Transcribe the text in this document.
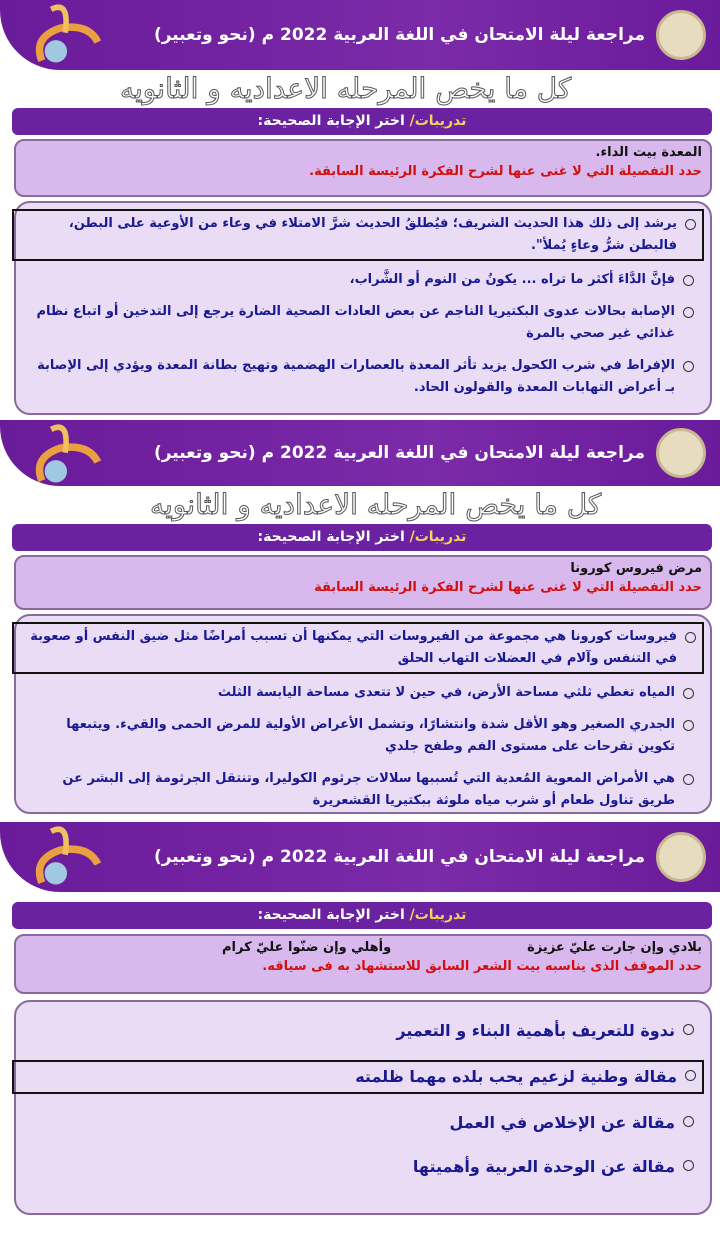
مراجعة ليلة الامتحان في اللغة العربية 2022 م (نحو وتعبير)
كل ما يخص المرحله الاعداديه و الثانويه
تدريبات/ اختر الإجابة الصحيحة:
المعدة بيت الداء.
حدد التفصيلة التي لا غنى عنها لشرح الفكرة الرئيسة السابقة.
يرشد إلى ذلك هذا الحديث الشريف؛ فيُطلقُ الحديث شرَّ الامتلاء في وعاء من الأوعية على البطن، فالبطن شرُّ وعاءٍ يُملأ".
فإنَّ الدَّاءَ أكثر ما تراه ... يكونُ من النوم أو الشَّراب،
الإصابة بحالات عدوى البكتيريا الناجم عن بعض العادات الصحية الضارة يرجع إلى التدخين أو اتباع نظام غذائي غير صحي بالمرة
الإفراط في شرب الكحول يزيد تأثر المعدة بالعصارات الهضمية وتهيج بطانة المعدة ويؤدي إلى الإصابة بـ أعراض التهابات المعدة والقولون الحاد.
مراجعة ليلة الامتحان في اللغة العربية 2022 م (نحو وتعبير)
كل ما يخص المرحله الاعداديه و الثانويه
تدريبات/ اختر الإجابة الصحيحة:
مرض فيروس كورونا
حدد التفصيلة التي لا غنى عنها لشرح الفكرة الرئيسة السابقة
فيروسات كورونا هي مجموعة من الفيروسات التي يمكنها أن تسبب أمراضًا مثل ضيق النفس أو صعوبة في التنفس وآلام في العضلات التهاب الحلق
المياه تغطي ثلثي مساحة الأرض، في حين لا تتعدى مساحة اليابسة الثلث
الجدري الصغير وهو الأقل شدة وانتشارًا، وتشمل الأعراض الأولية للمرض الحمى والقيء. ويتبعها تكوين تقرحات على مستوى الفم وطفح جلدي
هي الأمراض المعوية المُعدية التي تُسببها سلالات جرثوم الكوليرا، وتنتقل الجرثومة إلى البشر عن طريق تناول طعام أو شرب مياه ملوثة ببكتيريا القشعريرة
مراجعة ليلة الامتحان في اللغة العربية 2022 م (نحو وتعبير)
تدريبات/ اختر الإجابة الصحيحة:
بلادي وإن جارت عليّ عزيزة
وأهلي وإن ضنّوا عليّ كرام
حدد الموقف الذى يناسبه بيت الشعر السابق للاستشهاد به فى سياقه.
ندوة للتعريف بأهمية البناء و التعمير
مقالة وطنية لزعيم يحب بلده مهما ظلمته
مقالة عن الإخلاص في العمل
مقالة عن الوحدة العربية وأهميتها
